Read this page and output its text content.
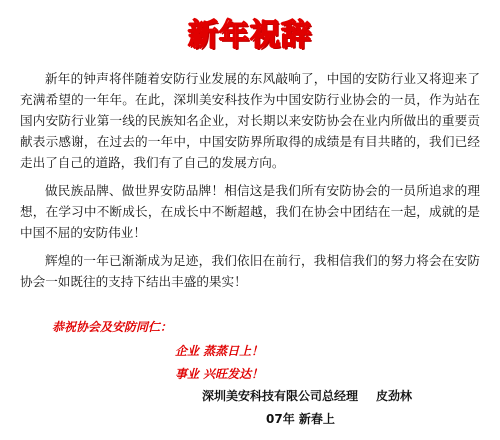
新年祝辞

新年的钟声将伴随着安防行业发展的东风敲响了，中国的安防行业又将迎来了充满希望的一年年。在此，深圳美安科技作为中国安防行业协会的一员，作为站在国内安防行业第一线的民族知名企业，对长期以来安防协会在业内所做出的重要贡献表示感谢，在过去的一年中，中国安防界所取得的成绩是有目共睹的，我们已经走出了自己的道路，我们有了自己的发展方向。

做民族品牌、做世界安防品牌！相信这是我们所有安防协会的一员所追求的理想，在学习中不断成长，在成长中不断超越，我们在协会中团结在一起，成就的是中国不屈的安防伟业！

辉煌的一年已渐渐成为足迹，我们依旧在前行，我相信我们的努力将会在安防协会一如既往的支持下结出丰盛的果实！

恭祝协会及安防同仁：
企业 蒸蒸日上！
事业 兴旺发达！
深圳美安科技有限公司总经理 皮劲林
07年 新春上
